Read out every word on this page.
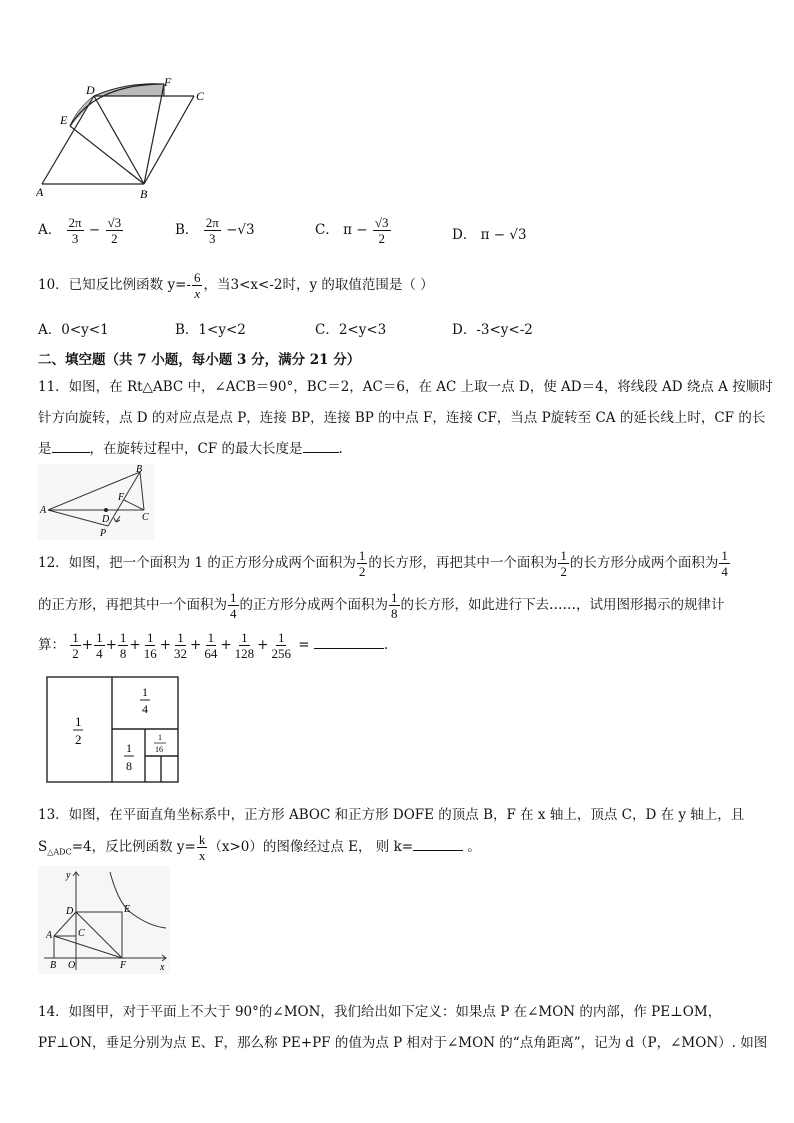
A	B
C
D
E
F
A． $\frac{2\pi}{3} - \frac{√3}{2}$	B． $\frac{2\pi}{3} -√3$	C． $\pi - \frac{√3}{2}$	D． π − √3
10．已知反比例函数 $y=- \frac{6}{x}$ ，当3<x<-2时，y 的取值范围是（ ）
A．0<y<1	B．1<y<2	C．2<y<3	D．-3<y<-2
二、填空题（共 7 小题，每小题 3 分，满分 21 分）
11．如图，在 Rt△ABC 中，∠ACB＝90°，BC＝2，AC＝6，在 AC 上取一点 D，使 AD＝4，将线段 AD 绕点 A 按顺时
针方向旋转，点 D 的对应点是点 P，连接 BP，连接 BP 的中点 F，连接 CF，当点 P旋转至 CA 的延长线上时，CF 的长
是	，在旋转过程中，CF 的最大长度是	.
A
B
C
D
F
P
12．如图，把一个面积为 1 的正方形分成两个面积为 $\frac{1}{2}$ 的长方形，再把其中一个面积为 $\frac{1}{2}$ 的长方形分成两个面积为 $\frac{1}{4}$
的正方形，再把其中一个面积为 $\frac{1}{4}$ 的正方形分成两个面积为 $\frac{1}{8}$ 的长方形，如此进行下去……，试用图形揭示的规律计
算： $\frac{1}{2} + \frac{1}{4} + \frac{1}{8} + \frac{1}{16} + \frac{1}{32} + \frac{1}{64} + \frac{1}{128} + \frac{1}{256}$ =	.
1
2
1
4
1
8
1
16
13．如图，在平面直角坐标系中，正方形 ABOC 和正方形 DOFE 的顶点 B，F 在 x 轴上，顶点 C，D 在 y 轴上，且
$S_{\triangle ADC}=4$，反比例函数 $y= \frac{k}{x} (x>0)$的图像经过点 E， 则 k=	。
y
x
D	E
A	C
B O	F
14．如图甲，对于平面上不大于 90°的∠MON，我们给出如下定义：如果点 P 在∠MON 的内部，作 PE⊥OM，
PF⊥ON，垂足分别为点 E、F，那么称 PE+PF 的值为点 P 相对于∠MON 的“点角距离”，记为 d（P，∠MON）. 如图
